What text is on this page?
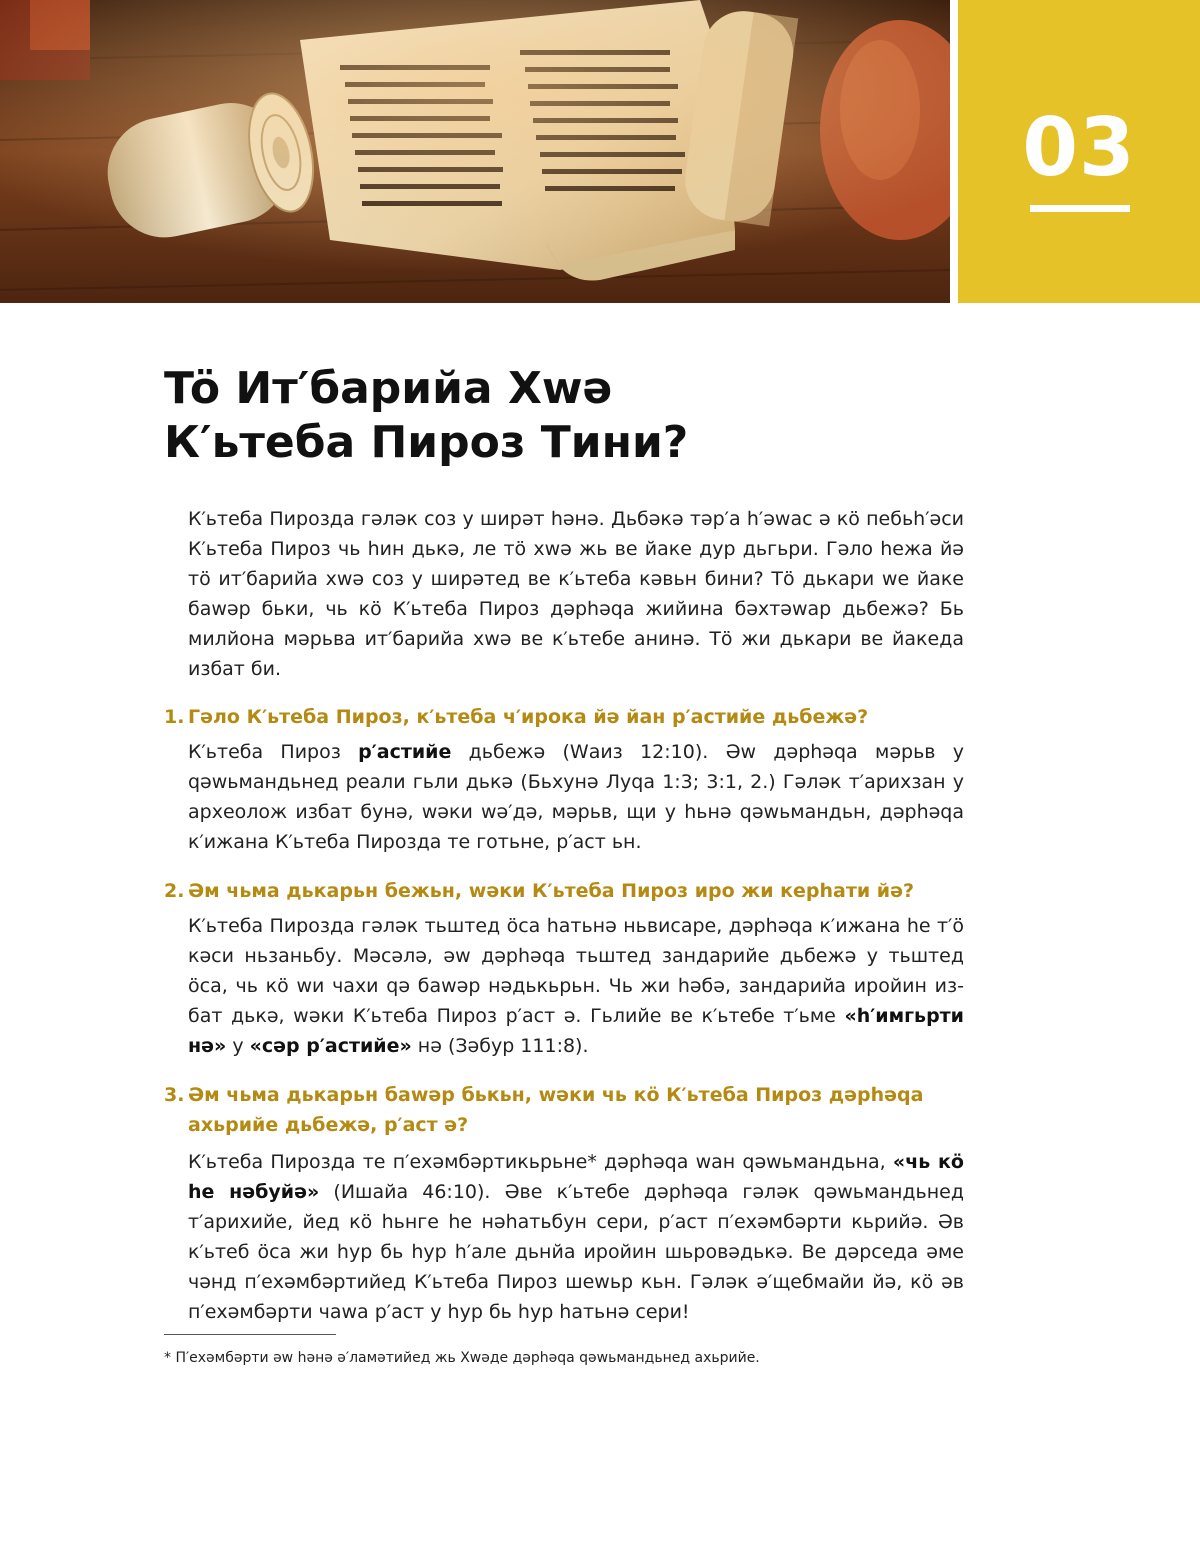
03
Tö Ит′барийа Хwə
К′ьтеба Пироз Тини?

К′ьтеба Пирозда гəлəк соз у ширəт һəнə. Дьбəкə тəр′а һ′əwас ə кö пебьһ′əси К′ьтеба Пироз чь һин дькə, ле тö хwə жь ве йаке дур дьгьри. Гəло һежа йə тö ит′барийа хwə соз у ширəтед ве к′ьтеба кəвьн бини? Тö дькари wе йаке баwəр бьки, чь кö К′ьтеба Пироз дəрһəqа жийина бəхтəwар дьбежə? Бь милйона мəрьва ит′барийа хwə ве к′ьтебе анинə. Тö жи дькари ве йакеда избат би.

1. Гəло К′ьтеба Пироз, к′ьтеба ч′ирока йə йан р′астийе дьбежə?

К′ьтеба Пироз р′астийе дьбежə (Wаиз 12:10). Əw дəрһəqа мəрьв у qəwьмандьнед реали гьли дькə (Бьхунə Луqа 1:3; 3:1, 2.) Гəлəк т′арихзан у археолож избат бунə, wəки wə′дə, мəрьв, щи у һьнə qəwьмандьн, дəрһəqа к′ижана К′ьтеба Пирозда те готьне, р′аст ьн.

2. Əм чьма дькарьн бежьн, wəки К′ьтеба Пироз иро жи керһати йə?

К′ьтеба Пирозда гəлəк тьштед öса һатьнə ньвисаре, дəрһəqа к′ижана һе т′ö кəси ньзаньбу. Мəсəлə, əw дəрһəqа тьштед зандарийе дьбежə у тьштед öса, чь кö wи чахи qə баwəр нəдькьрьн. Чь жи һəбə, зандарийа иройин избат дькə, wəки К′ьтеба Пироз р′аст ə. Гьлийе ве к′ьтебе т′ьме «һ′имгьрти нə» у «сəр р′астийе» нə (Зəбур 111:8).

3. Əм чьма дькарьн баwəр бькьн, wəки чь кö К′ьтеба Пироз дəрһəqа ахьрийе дьбежə, р′аст ə?

К′ьтеба Пирозда те п′ехəмбəртикьрьне* дəрһəqа wан qəwьмандьна, «чь кö һе нəбуйə» (Ишайа 46:10). Əве к′ьтебе дəрһəqа гəлəк qəwьмандьнед т′арихийе, йед кö һьнге һе нəһатьбун сери, р′аст п′ехəмбəрти кьрийə. Əв к′ьтеб öса жи һур бь һур һ′але дьнйа иройин шьровəдькə. Ве дəрседа əме чəнд п′ехəмбəртийед К′ьтеба Пироз шеwьр кьн. Гəлəк ə′щебмайи йə, кö əв п′ехəмбəрти чаwа р′аст у һур бь һур һатьнə сери!

* П′ехəмбəрти əw һəнə ə′ламəтийед жь Хwəде дəрһəqа qəwьмандьнед ахьрийе.
